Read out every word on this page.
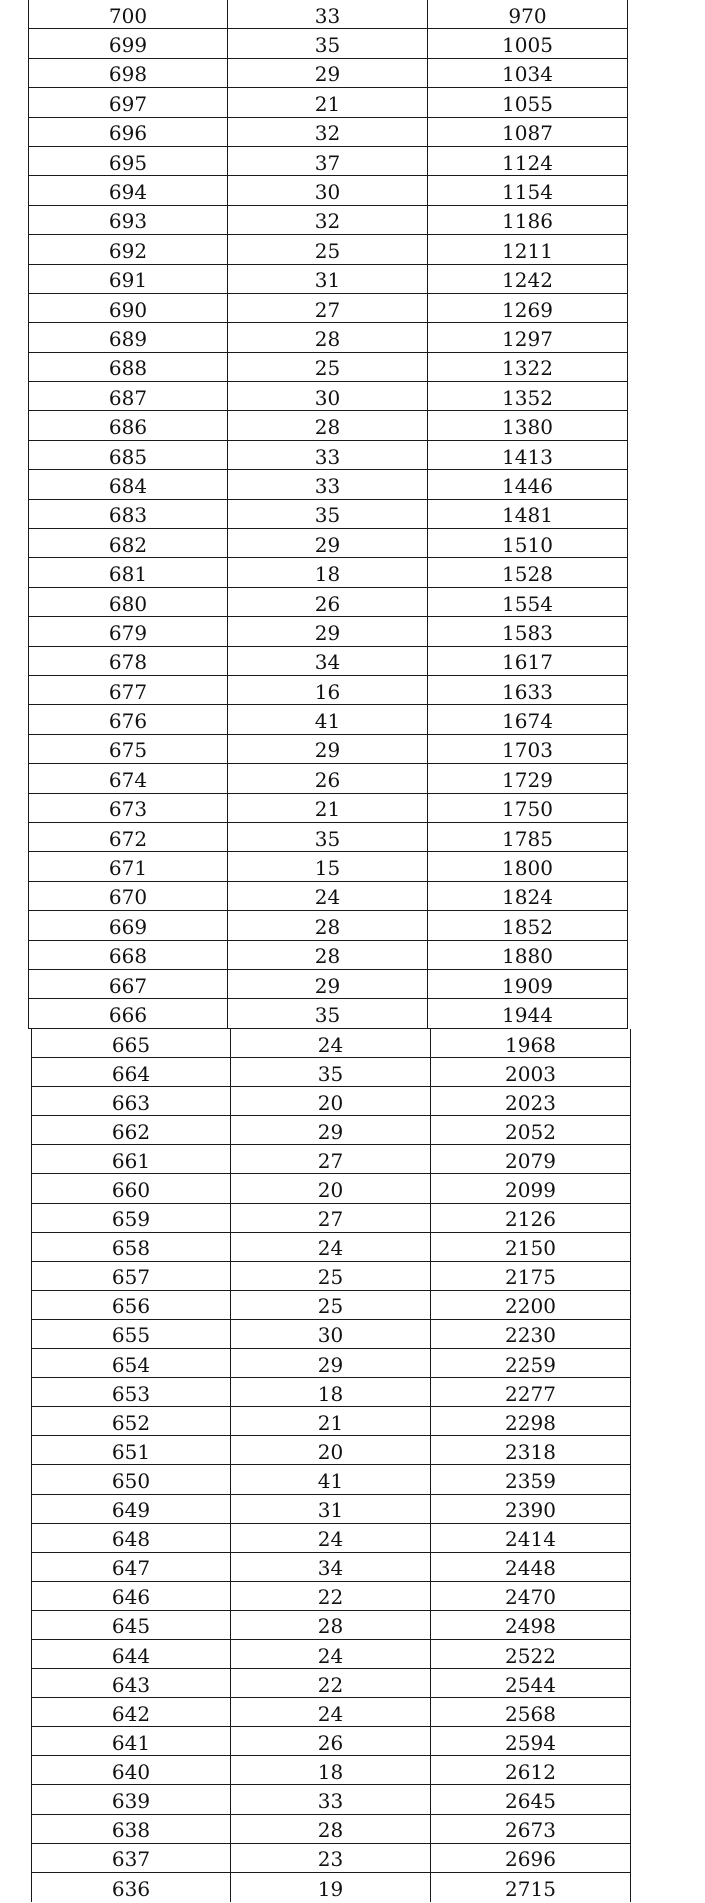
700	33	970
699	35	1005
698	29	1034
697	21	1055
696	32	1087
695	37	1124
694	30	1154
693	32	1186
692	25	1211
691	31	1242
690	27	1269
689	28	1297
688	25	1322
687	30	1352
686	28	1380
685	33	1413
684	33	1446
683	35	1481
682	29	1510
681	18	1528
680	26	1554
679	29	1583
678	34	1617
677	16	1633
676	41	1674
675	29	1703
674	26	1729
673	21	1750
672	35	1785
671	15	1800
670	24	1824
669	28	1852
668	28	1880
667	29	1909
666	35	1944
665	24	1968
664	35	2003
663	20	2023
662	29	2052
661	27	2079
660	20	2099
659	27	2126
658	24	2150
657	25	2175
656	25	2200
655	30	2230
654	29	2259
653	18	2277
652	21	2298
651	20	2318
650	41	2359
649	31	2390
648	24	2414
647	34	2448
646	22	2470
645	28	2498
644	24	2522
643	22	2544
642	24	2568
641	26	2594
640	18	2612
639	33	2645
638	28	2673
637	23	2696
636	19	2715
